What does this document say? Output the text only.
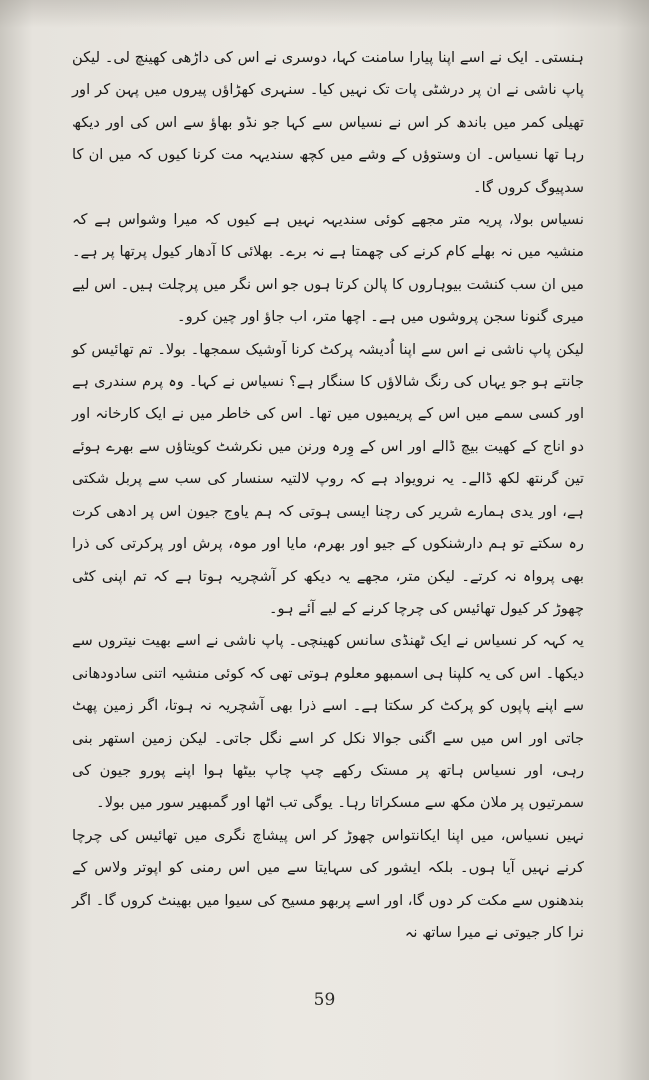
ہنستی۔ ایک نے اسے اپنا پیارا سامنت کہا، دوسری نے اس کی داڑھی کھینچ لی۔ لیکن پاپ ناشی نے ان پر درشٹی پات تک نہیں کیا۔ سنہری کھڑاؤں پیروں میں پہن کر اور تھیلی کمر میں باندھ کر اس نے نسیاس سے کہا جو نڈو بھاؤ سے اس کی اور دیکھ رہا تھا نسیاس۔ ان وستوؤں کے وشے میں کچھ سندیہہ مت کرنا کیوں کہ میں ان کا سدپیوگ کروں گا۔

نسیاس بولا، پریہ متر مجھے کوئی سندیہہ نہیں ہے کیوں کہ میرا وشواس ہے کہ منشیہ میں نہ بھلے کام کرنے کی چھمتا ہے نہ برے۔ بھلائی کا آدھار کیول پرتھا پر ہے۔ میں ان سب کنشت بیوہاروں کا پالن کرتا ہوں جو اس نگر میں پرچلت ہیں۔ اس لیے میری گنونا سجن پروشوں میں ہے۔ اچھا متر، اب جاؤ اور چین کرو۔

لیکن پاپ ناشی نے اس سے اپنا اُدیشہ پرکٹ کرنا آوشیک سمجھا۔ بولا۔ تم تھائیس کو جانتے ہو جو یہاں کی رنگ شالاؤں کا سنگار ہے؟ نسیاس نے کہا۔ وہ پرم سندری ہے اور کسی سمے میں اس کے پریمیوں میں تھا۔ اس کی خاطر میں نے ایک کارخانہ اور دو اناج کے کھیت بیچ ڈالے اور اس کے وِرہ ورنن میں نکرشٹ کویتاؤں سے بھرے ہوئے تین گرنتھ لکھ ڈالے۔ یہ نرویواد ہے کہ روپ لالتیہ سنسار کی سب سے پربل شکتی ہے، اور یدی ہمارے شریر کی رچنا ایسی ہوتی کہ ہم یاوج جیون اس پر ادھی کرت رہ سکتے تو ہم دارشنکوں کے جیو اور بھرم، مایا اور موہ، پرش اور پرکرتی کی ذرا بھی پرواہ نہ کرتے۔ لیکن متر، مجھے یہ دیکھ کر آشچریہ ہوتا ہے کہ تم اپنی کٹی چھوڑ کر کیول تھائیس کی چرچا کرنے کے لیے آئے ہو۔

یہ کہہ کر نسیاس نے ایک ٹھنڈی سانس کھینچی۔ پاپ ناشی نے اسے بھیت نیتروں سے دیکھا۔ اس کی یہ کلپنا ہی اسمبھو معلوم ہوتی تھی کہ کوئی منشیہ اتنی سادودھانی سے اپنے پاپوں کو پرکٹ کر سکتا ہے۔ اسے ذرا بھی آشچریہ نہ ہوتا، اگر زمین پھٹ جاتی اور اس میں سے اگنی جوالا نکل کر اسے نگل جاتی۔ لیکن زمین استھر بنی رہی، اور نسیاس ہاتھ پر مستک رکھے چپ چاپ بیٹھا ہوا اپنے پورو جیون کی سمرتیوں پر ملان مکھ سے مسکراتا رہا۔ یوگی تب اٹھا اور گمبھیر سور میں بولا۔

نہیں نسیاس، میں اپنا ایکانتواس چھوڑ کر اس پیشاچ نگری میں تھائیس کی چرچا کرنے نہیں آیا ہوں۔ بلکہ ایشور کی سہایتا سے میں اس رمنی کو اپوتر ولاس کے بندھنوں سے مکت کر دوں گا، اور اسے پربھو مسیح کی سیوا میں بھینٹ کروں گا۔ اگر نرا کار جیوتی نے میرا ساتھ نہ

59
